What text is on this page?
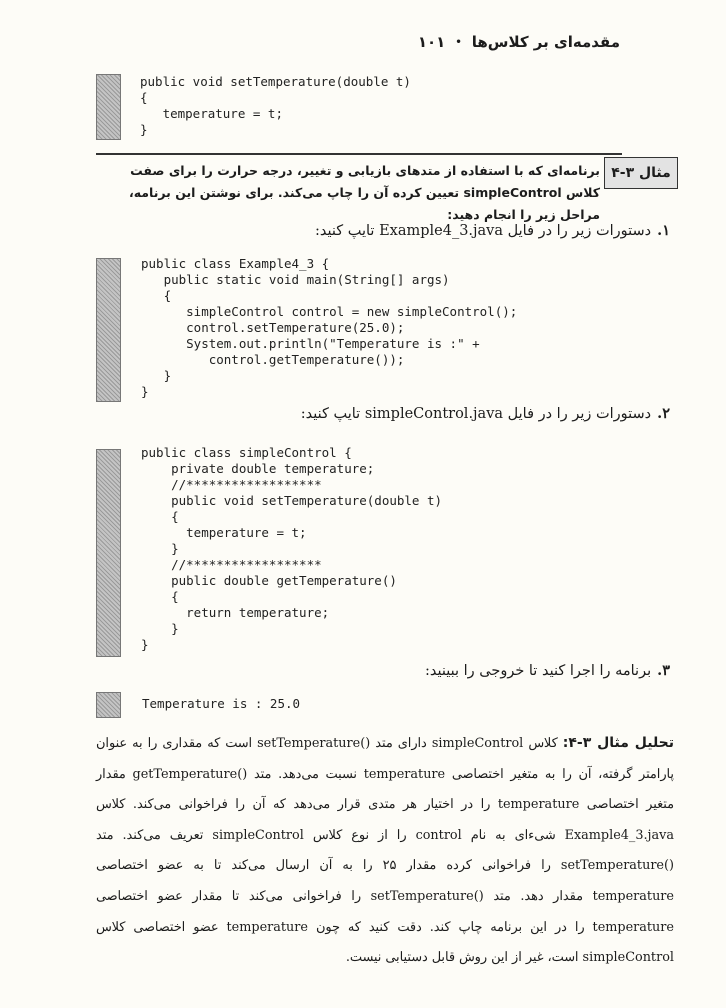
مقدمه‌ای بر کلاس‌ها
•
۱۰۱
public void setTemperature(double t)
{
temperature = t;
}
مثال ۳-۴
برنامه‌ای که با استفاده از متدهای بازیابی و تغییر، درجه حرارت را برای صفت کلاس simpleControl تعیین کرده آن را چاپ می‌کند. برای نوشتن این برنامه، مراحل زیر را انجام دهید:
۱.دستورات زیر را در فایل Example4_3.java تایپ کنید:
public class Example4_3 {
public static void main(String[] args)
{
simpleControl control = new simpleControl();
control.setTemperature(25.0);
System.out.println("Temperature is :" +
control.getTemperature());
}
}
۲.دستورات زیر را در فایل simpleControl.java تایپ کنید:
public class simpleControl {
private double temperature;
//******************
public void setTemperature(double t)
{
temperature = t;
}
//******************
public double getTemperature()
{
return temperature;
}
}
۳.برنامه را اجرا کنید تا خروجی را ببینید:
Temperature is : 25.0
تحلیل مثال ۳-۴: کلاس simpleControl دارای متد ()setTemperature است که مقداری را به عنوان پارامتر گرفته، آن را به متغیر اختصاصی temperature نسبت می‌دهد. متد ()getTemperature مقدار متغیر اختصاصی temperature را در اختیار هر متدی قرار می‌دهد که آن را فراخوانی می‌کند. کلاس Example4_3.java شیء‌ای به نام control را از نوع کلاس simpleControl تعریف می‌کند. متد ()setTemperature را فراخوانی کرده مقدار ۲۵ را به آن ارسال می‌کند تا به عضو اختصاصی temperature مقدار دهد. متد ()setTemperature را فراخوانی می‌کند تا مقدار عضو اختصاصی temperature را در این برنامه چاپ کند. دقت کنید که چون temperature عضو اختصاصی کلاس simpleControl است، غیر از این روش قابل دستیابی نیست.
